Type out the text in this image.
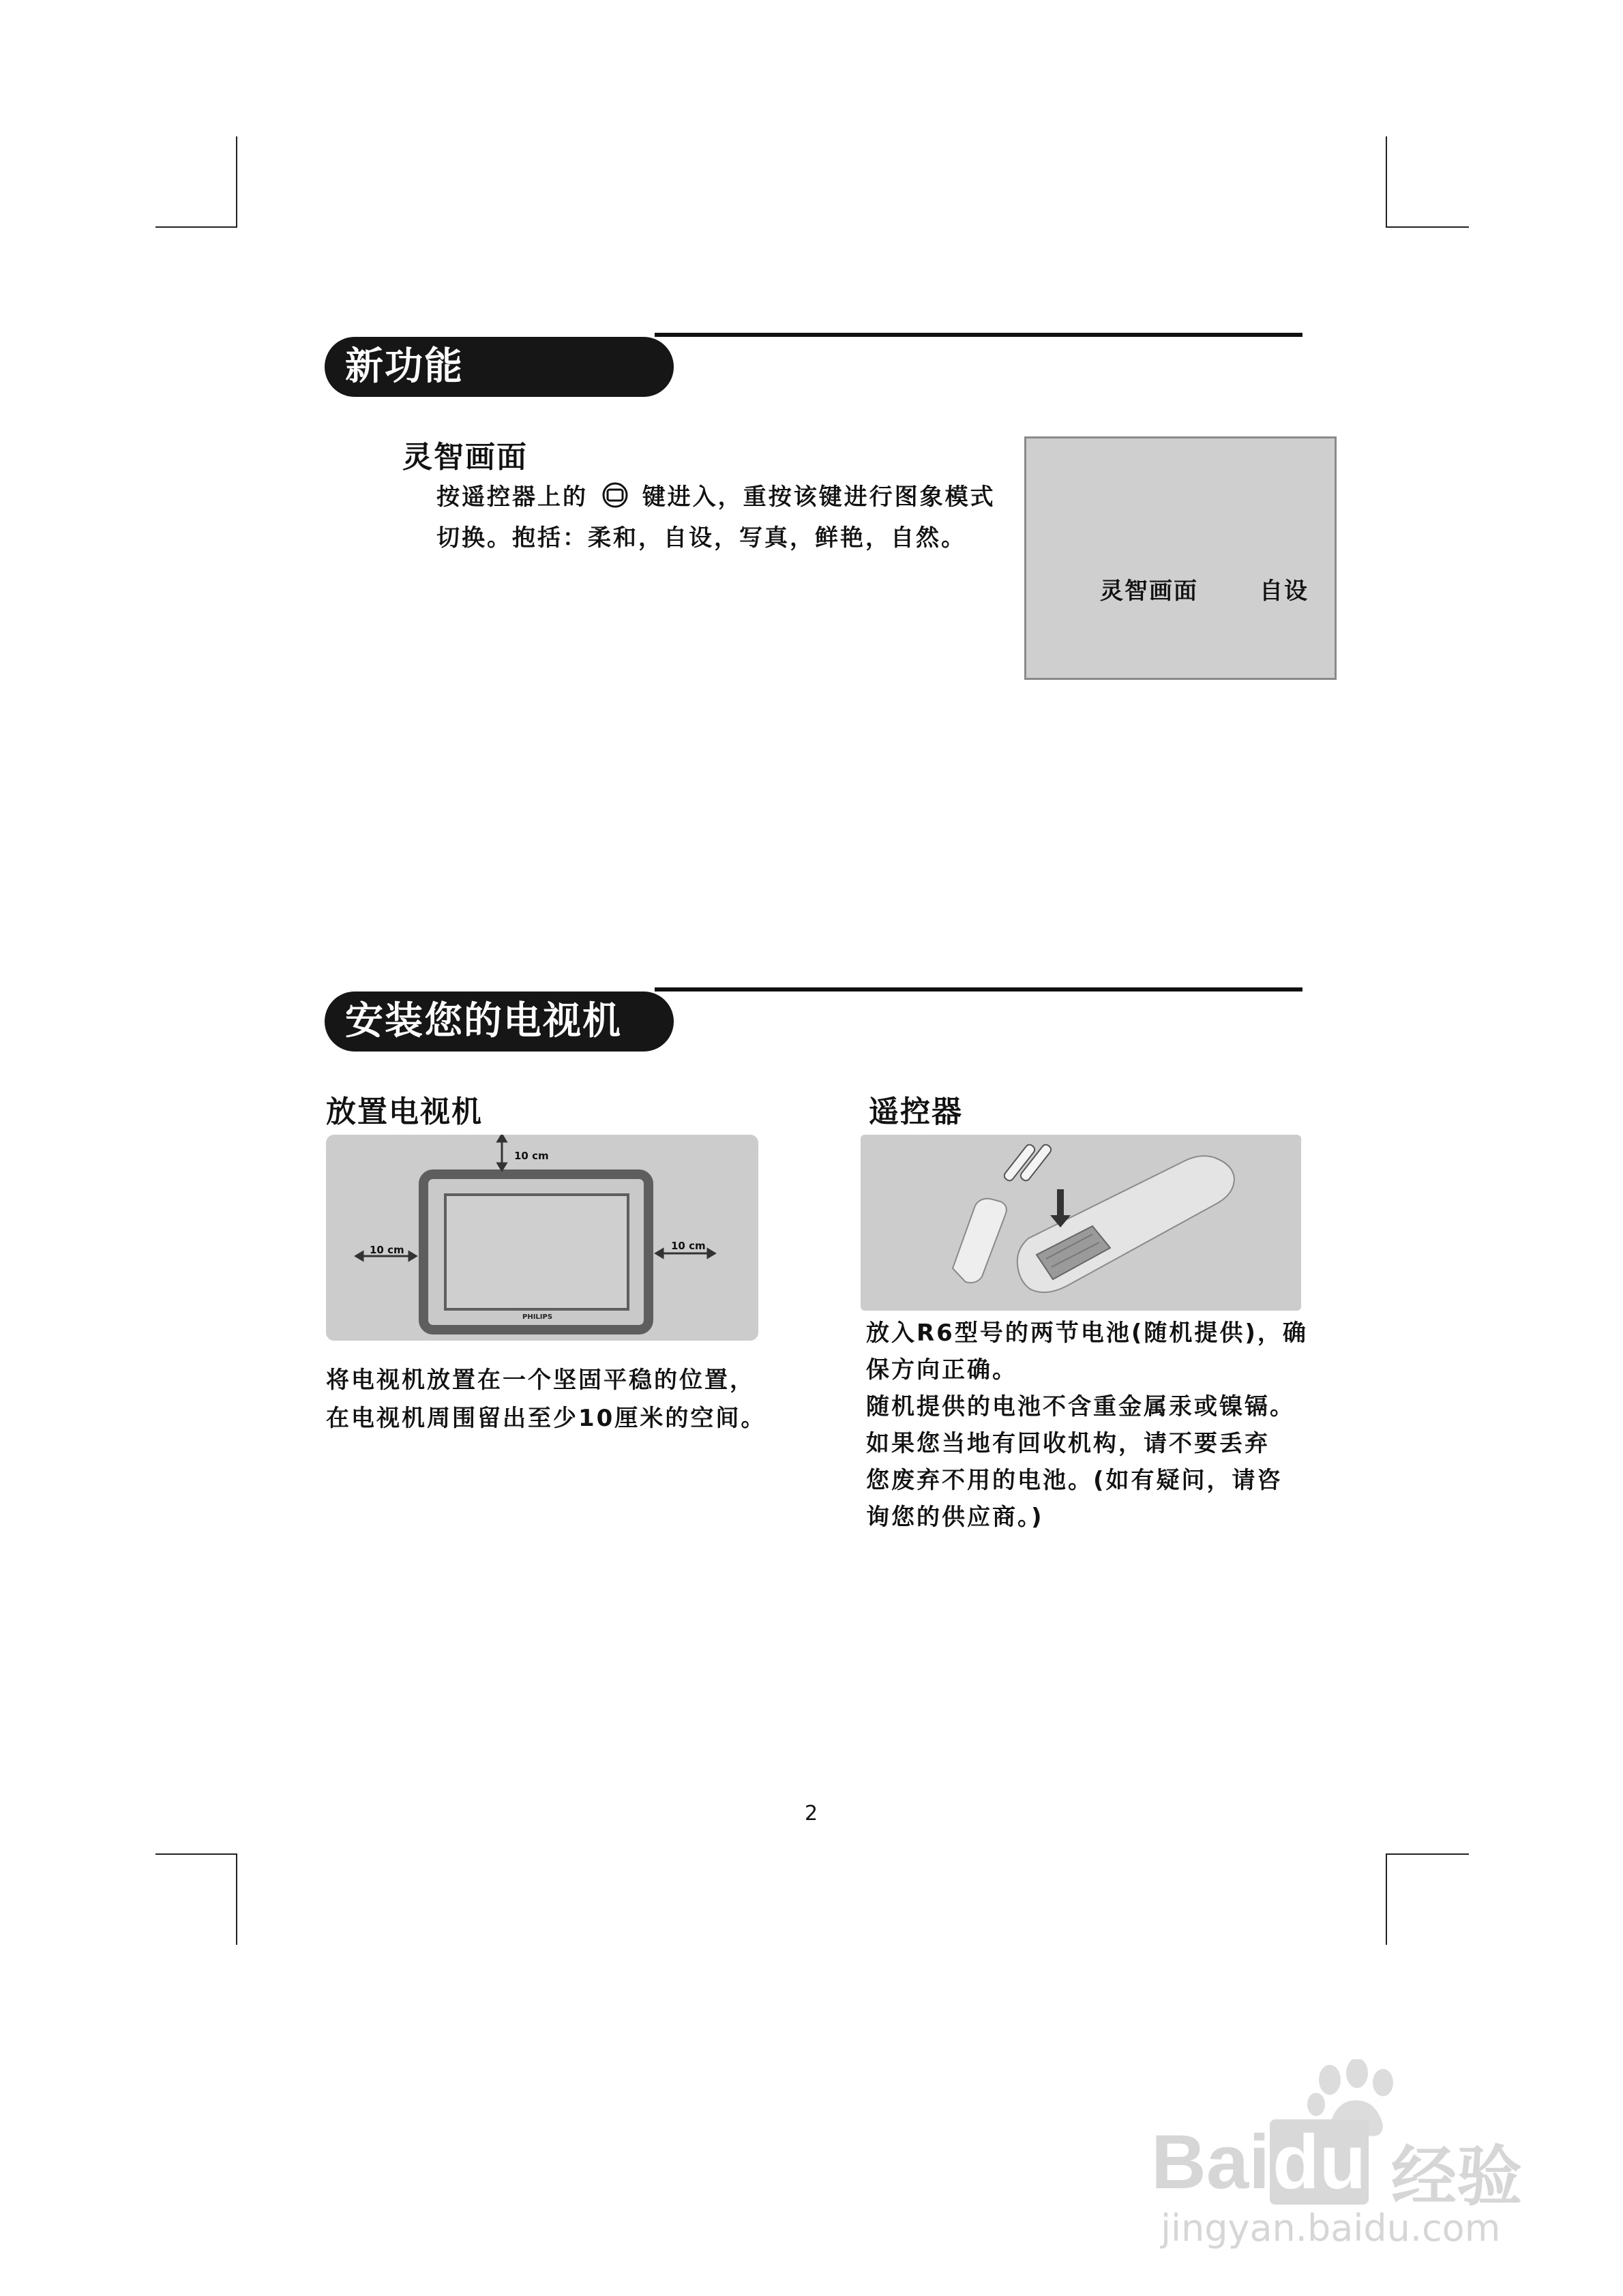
新功能
灵智画面

按遥控器上的 键进入，重按该键进行图象模式

切换。抱括：柔和，自设，写真，鲜艳，自然。

灵智画面	自设
安装您的电视机
放置电视机
10 cm
10 cm	10 cm
PHILIPS

将电视机放置在一个坚固平稳的位置，

在电视机周围留出至少10厘米的空间。

遥控器

放入R6型号的两节电池(随机提供)，确

保方向正确。

随机提供的电池不含重金属汞或镍镉。

如果您当地有回收机构，请不要丢弃

您废弃不用的电池。(如有疑问，请咨

询您的供应商。)

2
Baidu 经验
jingyan.baidu.com
